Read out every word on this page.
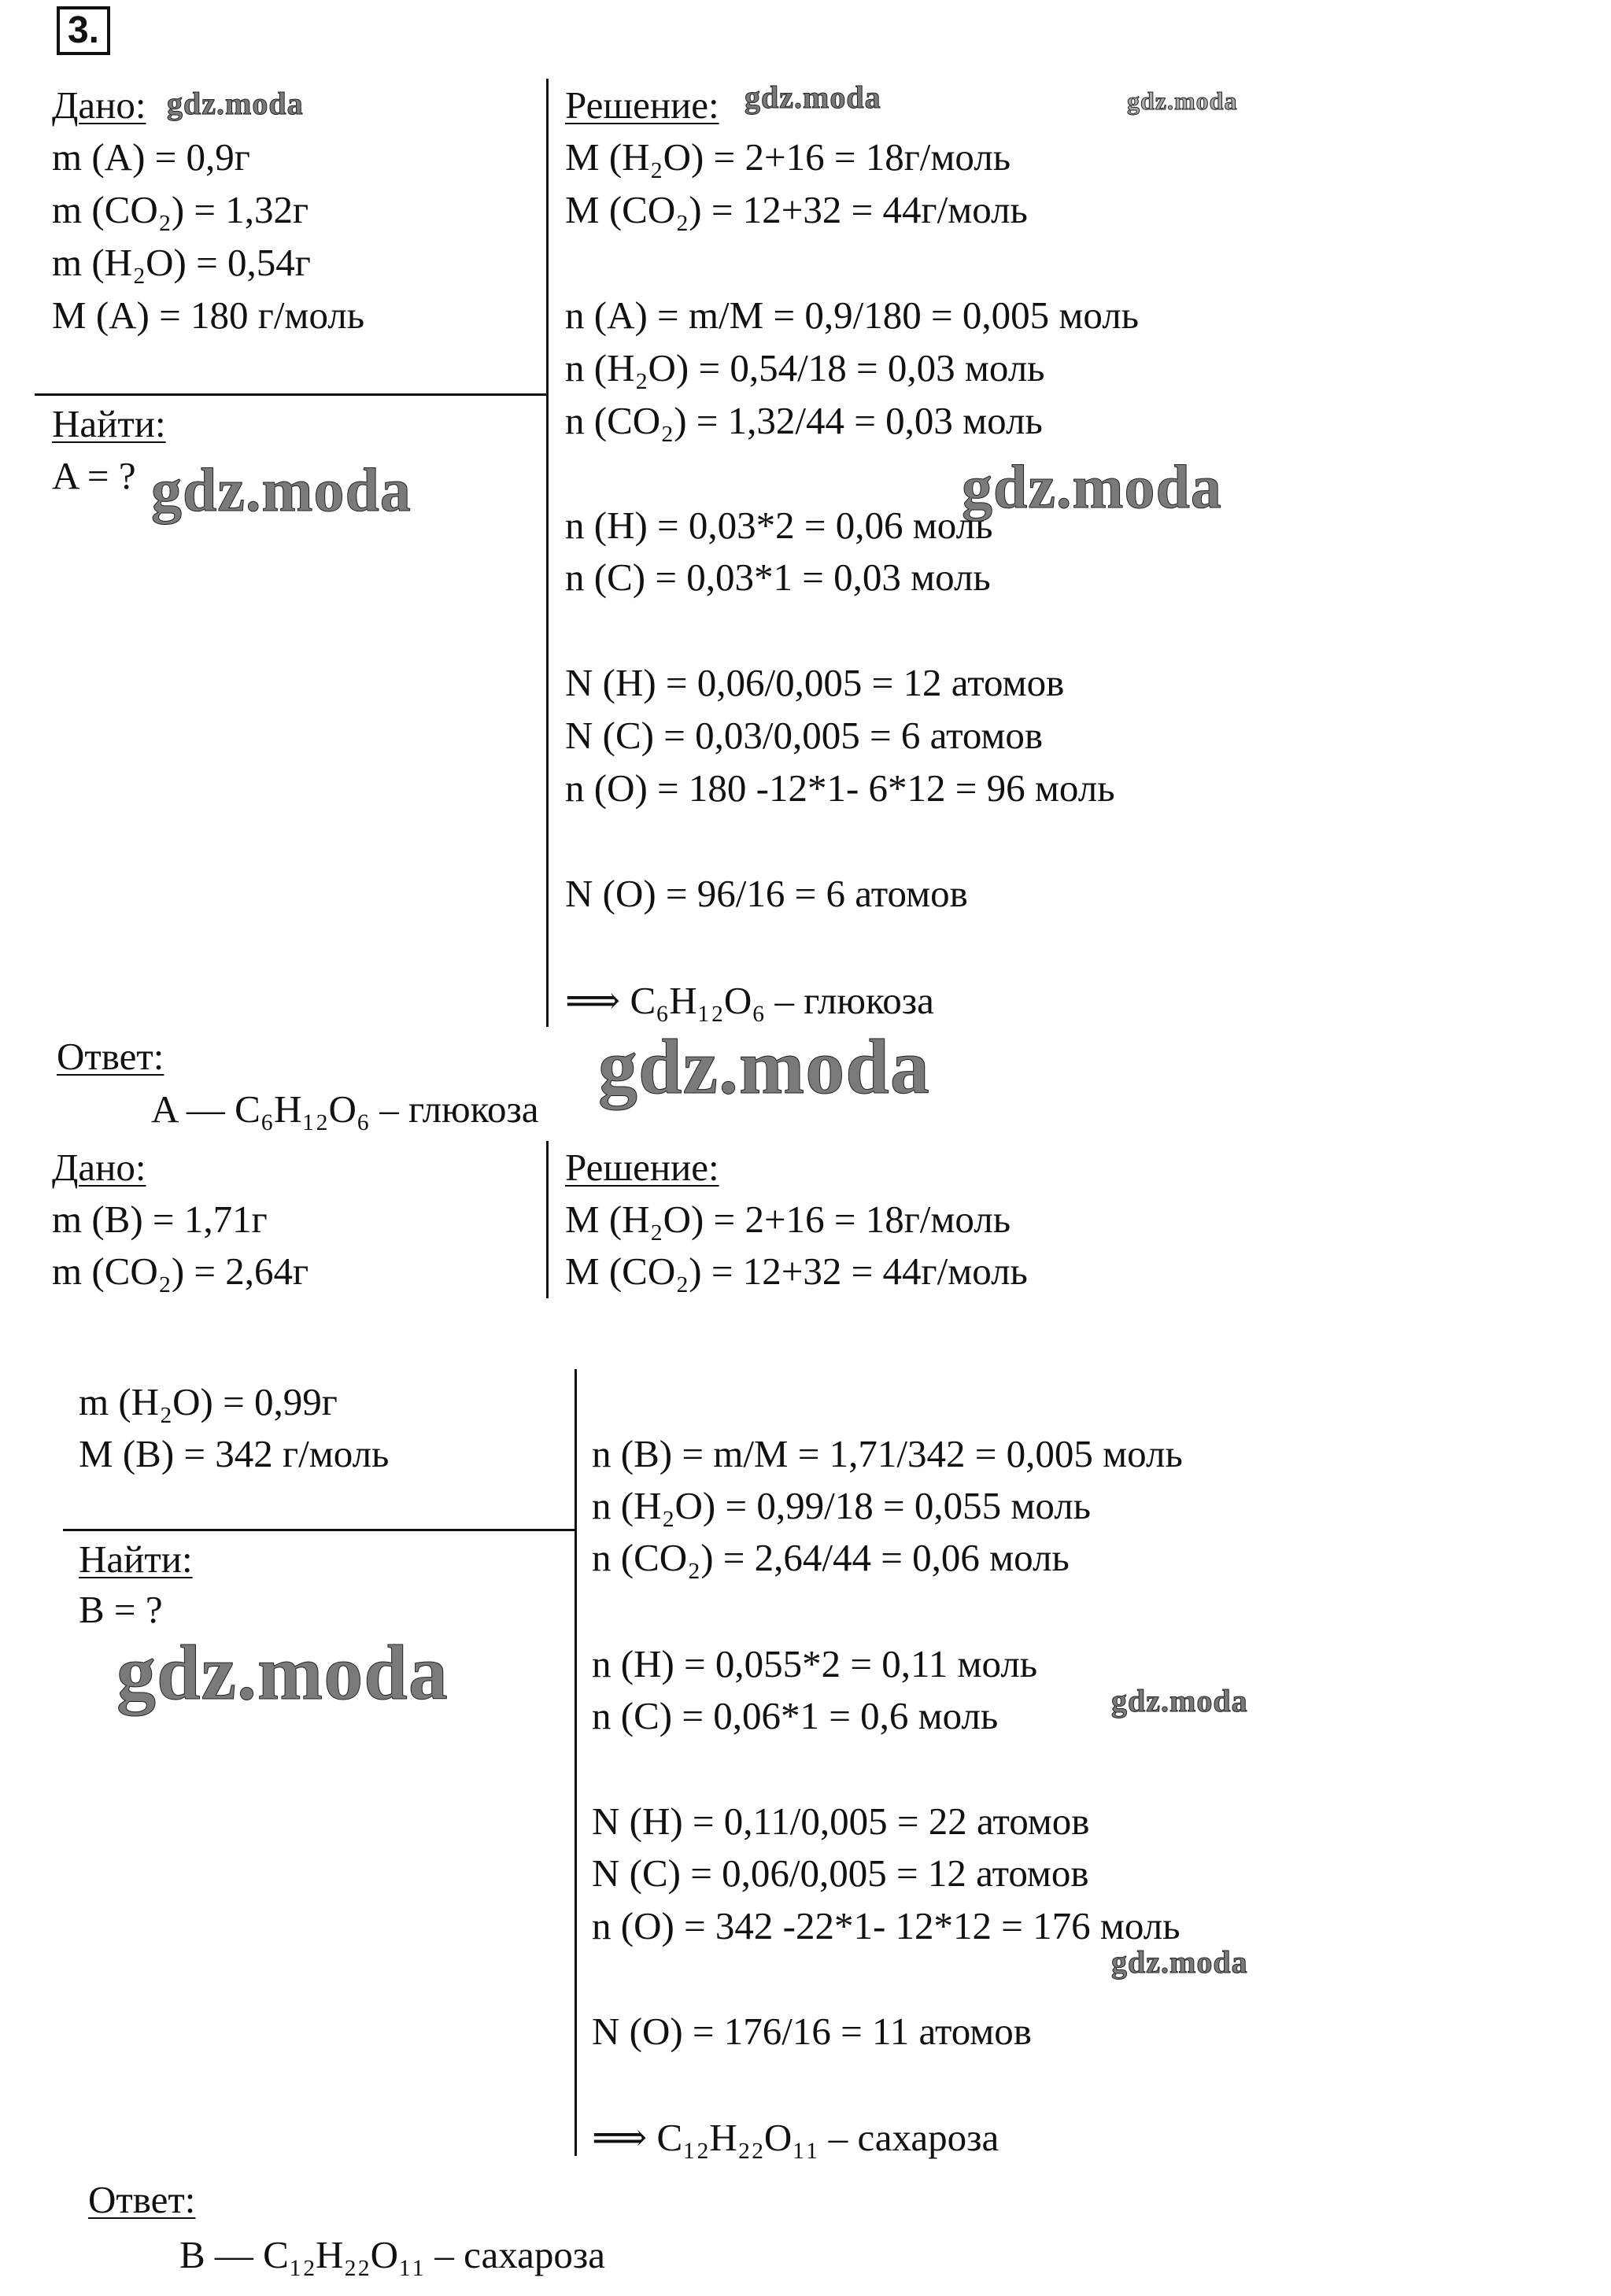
3.
Дано:
m (A) = 0,9г
m (CO₂) = 1,32г
m (H₂O) = 0,54г
M (A) = 180 г/моль
Найти:
A = ?
Решение:
M (H₂O) = 2+16 = 18г/моль
M (CO₂) = 12+32 = 44г/моль
n (A) = m/M = 0,9/180 = 0,005 моль
n (H₂O) = 0,54/18 = 0,03 моль
n (CO₂) = 1,32/44 = 0,03 моль
n (H) = 0,03*2 = 0,06 моль
n (C) = 0,03*1 = 0,03 моль
N (H) = 0,06/0,005 = 12 атомов
N (C) = 0,03/0,005 = 6 атомов
n (O) = 180 -12*1- 6*12 = 96 моль
N (O) = 96/16 = 6 атомов
⟹ C₆H₁₂O₆ – глюкоза
Ответ:
A — C₆H₁₂O₆ – глюкоза
Дано:
m (B) = 1,71г
m (CO₂) = 2,64г
Решение:
M (H₂O) = 2+16 = 18г/моль
M (CO₂) = 12+32 = 44г/моль
m (H₂O) = 0,99г
M (B) = 342 г/моль
Найти:
B = ?
n (B) = m/M = 1,71/342 = 0,005 моль
n (H₂O) = 0,99/18 = 0,055 моль
n (CO₂) = 2,64/44 = 0,06 моль
n (H) = 0,055*2 = 0,11 моль
n (C) = 0,06*1 = 0,6 моль
N (H) = 0,11/0,005 = 22 атомов
N (C) = 0,06/0,005 = 12 атомов
n (O) = 342 -22*1- 12*12 = 176 моль
N (O) = 176/16 = 11 атомов
⟹ C₁₂H₂₂O₁₁ – сахароза
Ответ:
B — C₁₂H₂₂O₁₁ – сахароза
gdz.moda	gdz.moda	gdz.moda
gdz.moda	gdz.moda
gdz.moda
gdz.moda	gdz.moda
gdz.moda
